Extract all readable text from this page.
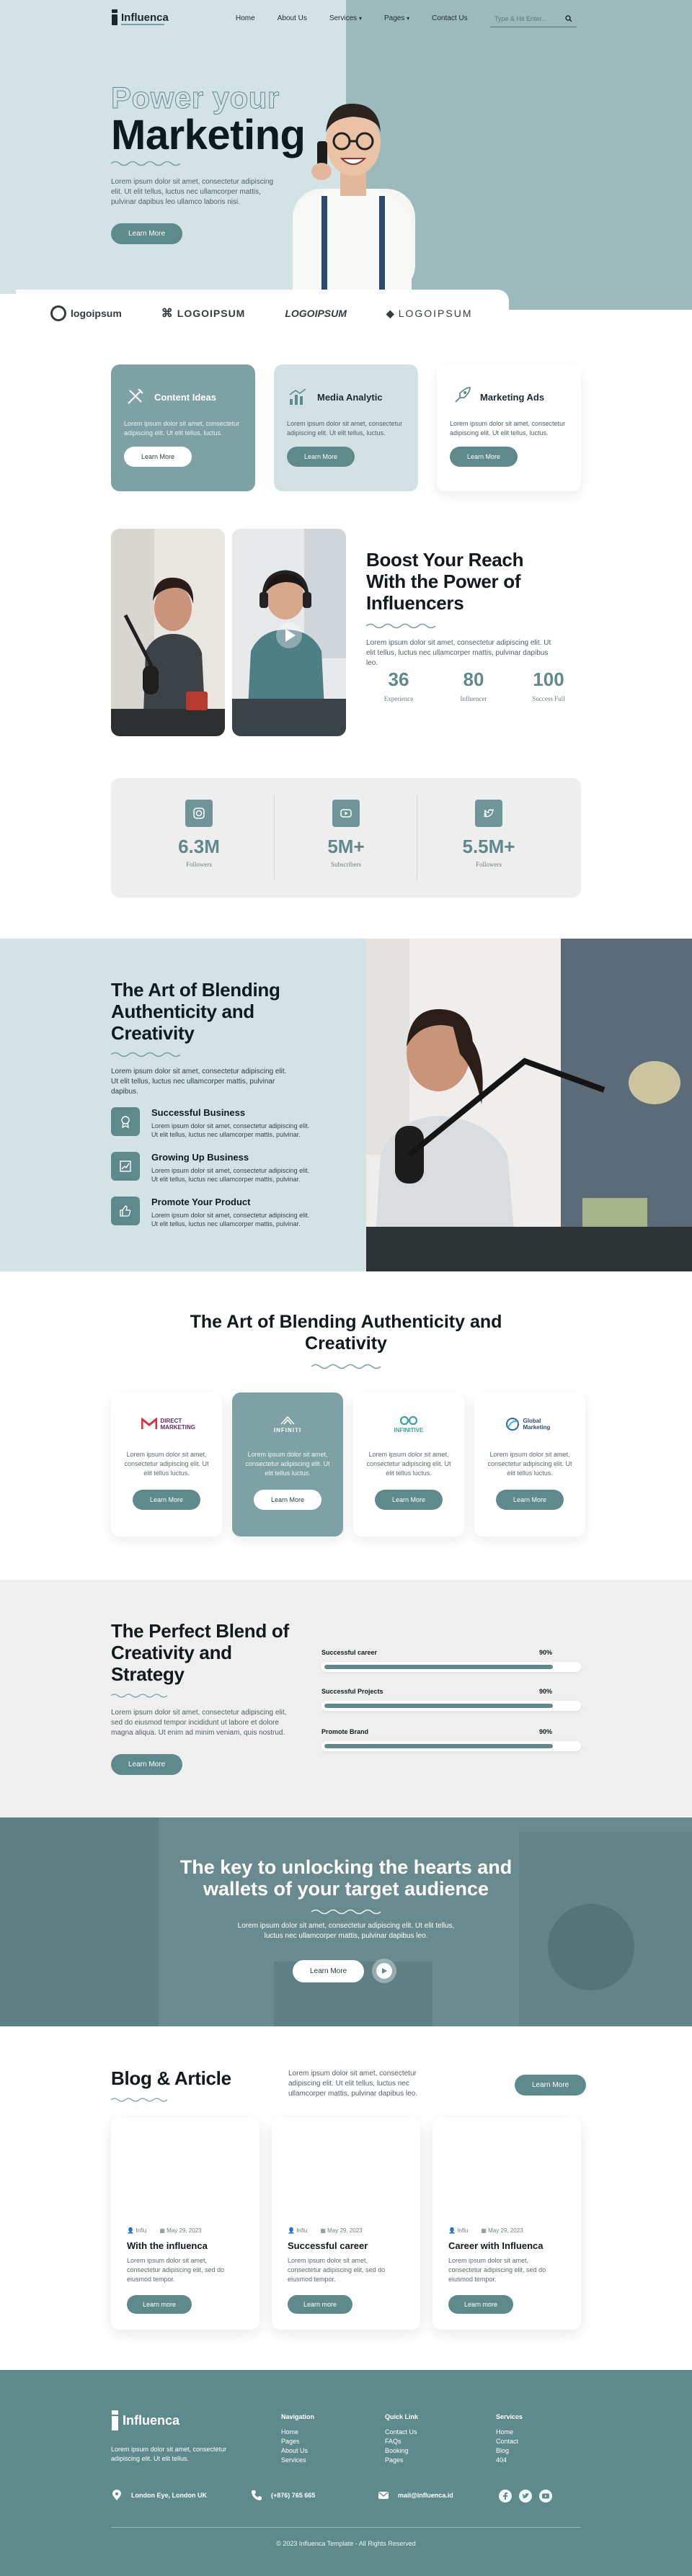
Influenca	Home	About Us	Services ▾	Pages ▾	Contact Us	Type & Hit Enter...
Power your
Marketing

Lorem ipsum dolor sit amet, consectetur adipiscing elit. Ut elit tellus, luctus nec ullamcorper mattis, pulvinar dapibus leo ullamco laboris nisi.

Learn More
logoipsum	⌘ LOGOIPSUM	LOGOIPSUM	◆ LOGOIPSUM
Content Ideas

Lorem ipsum dolor sit amet, consectetur adipiscing elit. Ut elit tellus, luctus.

Learn More
Media Analytic

Lorem ipsum dolor sit amet, consectetur adipiscing elit. Ut elit tellus, luctus.

Learn More
Marketing Ads

Lorem ipsum dolor sit amet, consectetur adipiscing elit. Ut elit tellus, luctus.

Learn More
Boost Your Reach With the Power of Influencers

Lorem ipsum dolor sit amet, consectetur adipiscing elit. Ut elit tellus, luctus nec ullamcorper mattis, pulvinar dapibus leo.

36
Experience
80
Influencer
100
Success Full
6.3M
Followers
5M+
Subscribers
5.5M+
Followers
The Art of Blending Authenticity and Creativity

Lorem ipsum dolor sit amet, consectetur adipiscing elit. Ut elit tellus, luctus nec ullamcorper mattis, pulvinar dapibus.

Successful Business
Lorem ipsum dolor sit amet, consectetur adipiscing elit. Ut elit tellus, luctus nec ullamcorper mattis, pulvinar.
Growing Up Business
Lorem ipsum dolor sit amet, consectetur adipiscing elit. Ut elit tellus, luctus nec ullamcorper mattis, pulvinar.
Promote Your Product
Lorem ipsum dolor sit amet, consectetur adipiscing elit. Ut elit tellus, luctus nec ullamcorper mattis, pulvinar.
The Art of Blending Authenticity and Creativity
DIRECT MARKETING

Lorem ipsum dolor sit amet, consectetur adipiscing elit. Ut elit tellus luctus.

Learn More
INFINITI

Lorem ipsum dolor sit amet, consectetur adipiscing elit. Ut elit tellus luctus.

Learn More
INFINITIVE

Lorem ipsum dolor sit amet, consectetur adipiscing elit. Ut elit tellus luctus.

Learn More
Global Marketing

Lorem ipsum dolor sit amet, consectetur adipiscing elit. Ut elit tellus luctus.

Learn More
The Perfect Blend of Creativity and Strategy

Lorem ipsum dolor sit amet, consectetur adipiscing elit, sed do eiusmod tempor incididunt ut labore et dolore magna aliqua. Ut enim ad minim veniam, quis nostrud.

Learn More
Successful career	90%
Successful Projects	90%
Promote Brand	90%
The key to unlocking the hearts and wallets of your target audience

Lorem ipsum dolor sit amet, consectetur adipiscing elit. Ut elit tellus, luctus nec ullamcorper mattis, pulvinar dapibus leo.

Learn More
Blog & Article	Lorem ipsum dolor sit amet, consectetur adipiscing elit. Ut elit tellus, luctus nec ullamcorper mattis, pulvinar dapibus leo.

Learn More
👤 Influ ▦ May 29, 2023
With the influenca

Lorem ipsum dolor sit amet, consectetur adipiscing elit, sed do eiusmod tempor.

Learn more
👤 Influ ▦ May 29, 2023
Successful career

Lorem ipsum dolor sit amet, consectetur adipiscing elit, sed do eiusmod tempor.

Learn more
👤 Influ ▦ May 29, 2023
Career with Influenca

Lorem ipsum dolor sit amet, consectetur adipiscing elit, sed do eiusmod tempor.

Learn more
Influenca

Lorem ipsum dolor sit amet, consectetur adipiscing elit. Ut elit tellus.

Navigation
Home
Pages
About Us
Services
Quick Link
Contact Us
FAQs
Booking
Pages
Services
Home
Contact
Blog
404
London Eye, London UK	(+876) 765 665	mail@influenca.id
© 2023 Influenca Template - All Rights Reserved
